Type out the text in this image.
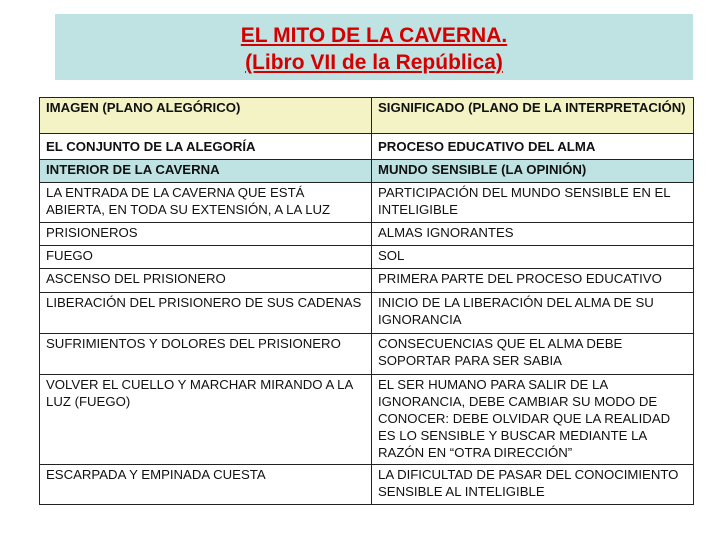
EL MITO DE LA CAVERNA.
(Libro VII de la República)
IMAGEN (PLANO ALEGÓRICO)	SIGNIFICADO (PLANO DE LA INTERPRETACIÓN)
EL CONJUNTO DE LA ALEGORÍA	PROCESO EDUCATIVO DEL ALMA
INTERIOR DE LA CAVERNA	MUNDO SENSIBLE (LA OPINIÓN)
LA ENTRADA DE LA CAVERNA QUE ESTÁ ABIERTA, EN TODA SU EXTENSIÓN, A LA LUZ	PARTICIPACIÓN DEL MUNDO SENSIBLE EN EL INTELIGIBLE
PRISIONEROS	ALMAS IGNORANTES
FUEGO	SOL
ASCENSO DEL PRISIONERO	PRIMERA PARTE DEL PROCESO EDUCATIVO
LIBERACIÓN DEL PRISIONERO DE SUS CADENAS	INICIO DE LA LIBERACIÓN DEL ALMA DE SU IGNORANCIA
SUFRIMIENTOS Y DOLORES DEL PRISIONERO	CONSECUENCIAS QUE EL ALMA DEBE SOPORTAR PARA SER SABIA
VOLVER EL CUELLO Y MARCHAR MIRANDO A LA LUZ (FUEGO)	EL SER HUMANO PARA SALIR DE LA IGNORANCIA, DEBE CAMBIAR SU MODO DE CONOCER: DEBE OLVIDAR QUE LA REALIDAD ES LO SENSIBLE Y BUSCAR MEDIANTE LA RAZÓN EN “OTRA DIRECCIÓN”
ESCARPADA Y EMPINADA CUESTA	LA DIFICULTAD DE PASAR DEL CONOCIMIENTO SENSIBLE AL INTELIGIBLE
